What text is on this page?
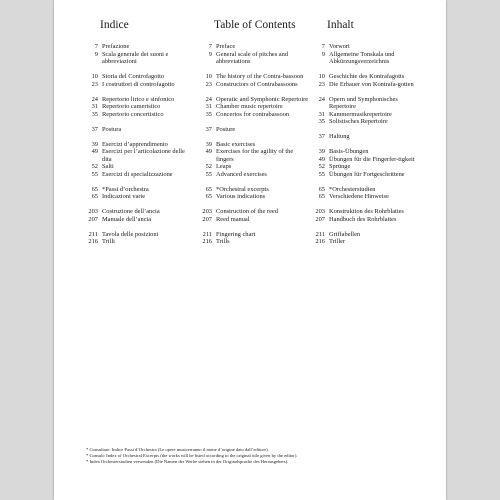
Indice
7 Prefazione
9 Scala generale dei suoni e abbreviazioni
10 Storia del Controfagotto
23 I costruttori di controfagotto
24 Repertorio lirico e sinfonico
31 Repertorio cameristico
35 Repertorio concertistico
37 Postura
39 Esercizi d’apprendimento
49 Esercizi per l’articolazione delle dita
52 Salti
55 Esercizi di specializzazione
65 *Passi d’orchestra
65 Indicazioni varie
203 Costruzione dell’ancia
207 Manuale dell’ancia
211 Tavola delle posizioni
216 Trilli
Table of Contents
7 Preface
9 General scale of pitches and abbreviations
10 The history of the Contra-bassoon
23 Constructors of Contrabassoons
24 Operatic and Symphonic Repertoire
31 Chamber music repertoire
35 Concertos for contrabassoon
37 Posture
39 Basic exercises
49 Exercises for the agility of the fingers
52 Leaps
55 Advanced exercises
65 *Orchestral excerpts
65 Various indications
203 Construction of the reed
207 Reed manual
211 Fingering chart
216 Trills
Inhalt
7 Vorwort
9 Allgemeine Tonskala und Abkürzungsverzeichnis
10 Geschichte des Kontrafagotts
23 Die Erbauer von Kontrafa-gotten
24 Opern und Symphonisches Repertoire
31 Kammermusikrepertoire
35 Solistisches Repertoire
37 Haltung
39 Basis-Übungen
49 Übungen für die Fingerfer-tigkeit
52 Sprünge
55 Übungen für Fortgeschrittene
65 *Orchesterstudien
65 Verschiedene Hinweise
203 Konstruktion des Rohrblattes
207 Handbuch des Rohrblattes
211 Griffabellen
216 Triller
* Consultare: Indice Passi d’Orchestra (Le opere musicerranno il nome d’origine dato dall’editore).
* Consult: Index of Orchestral Excerpts (the works will be listed according to the original title given by the editor).
* Index Orchesterstudien verwenden (Die Namen der Werke stehen in der Originalsprache des Herausgebers).
